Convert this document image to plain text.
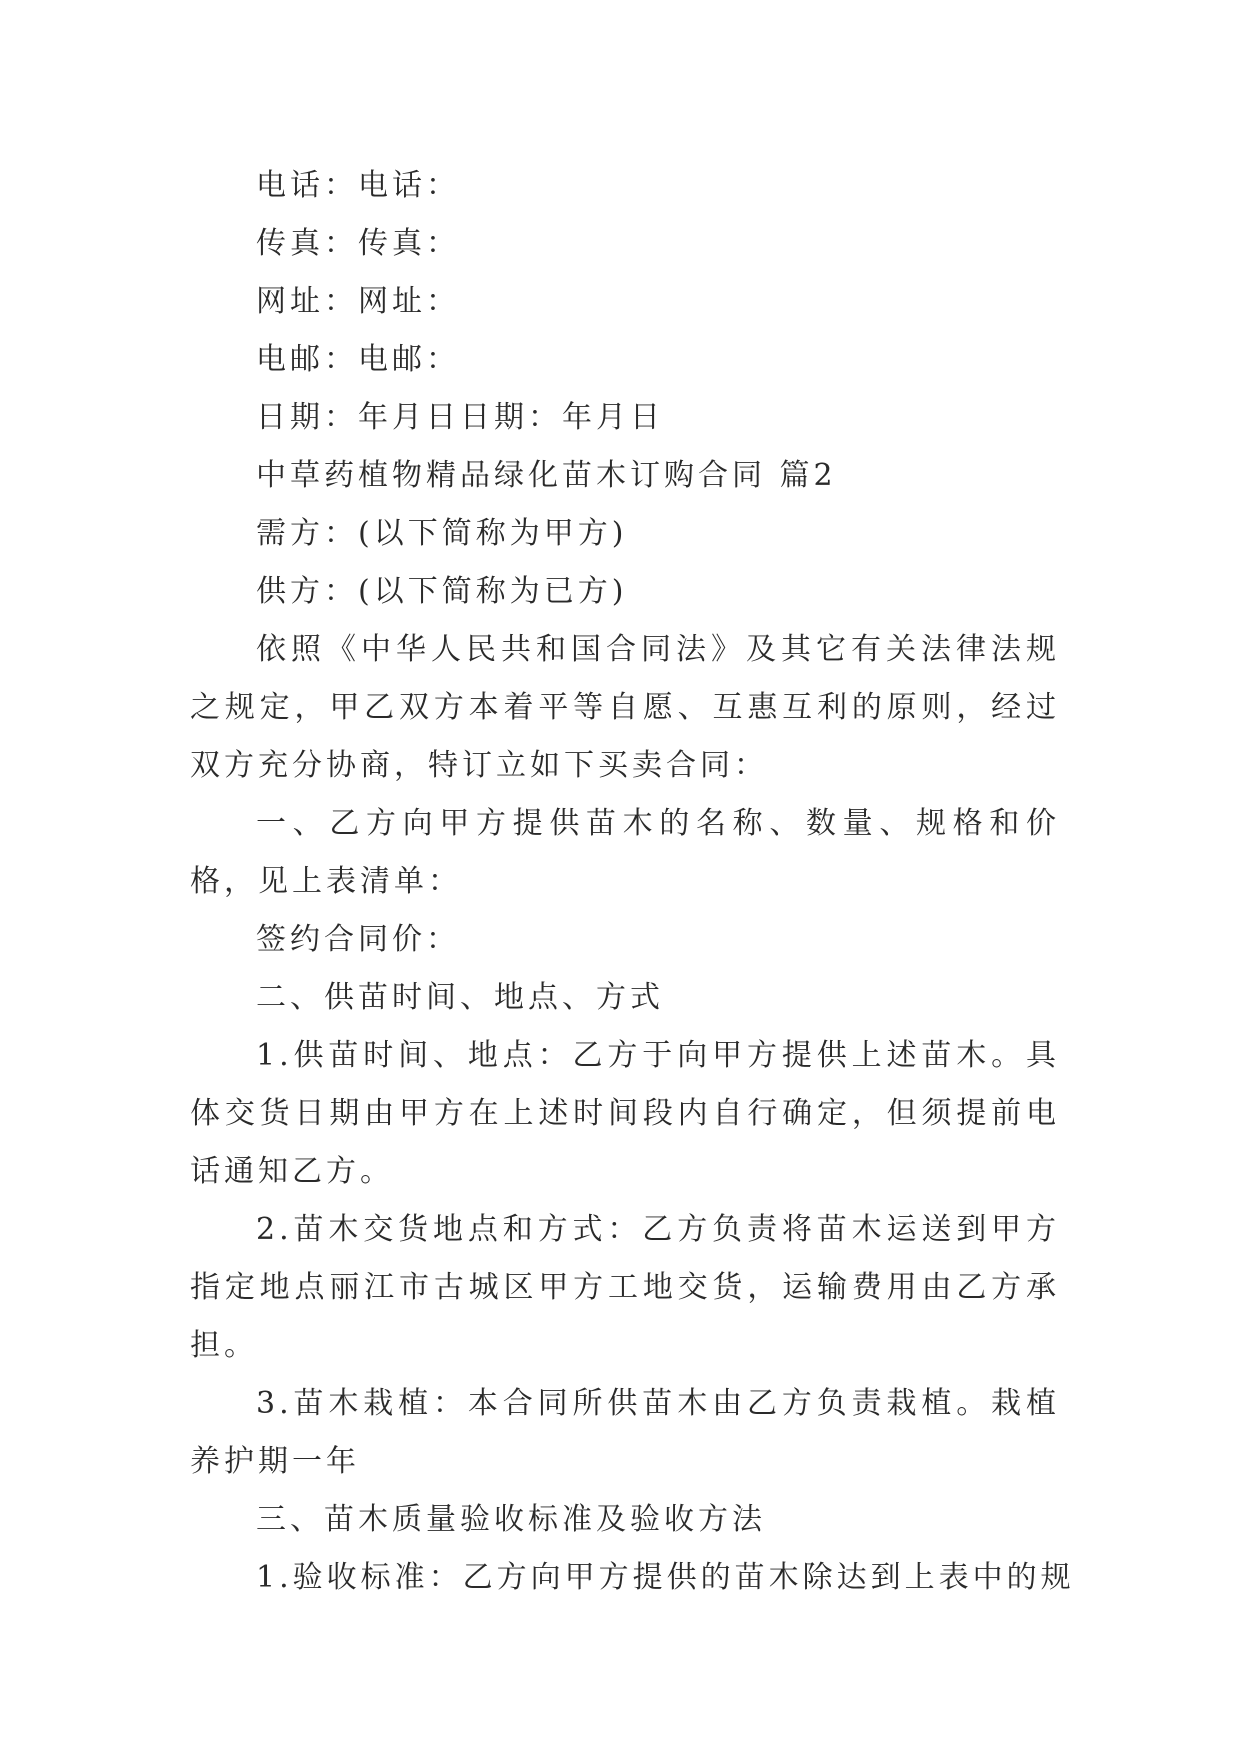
电话：电话：

传真：传真：

网址：网址：

电邮：电邮：

日期：年月日日期：年月日

中草药植物精品绿化苗木订购合同 篇2

需方：(以下简称为甲方)

供方：(以下简称为已方)

依照《中华人民共和国合同法》及其它有关法律法规之规定，甲乙双方本着平等自愿、互惠互利的原则，经过双方充分协商，特订立如下买卖合同：

一、乙方向甲方提供苗木的名称、数量、规格和价格，见上表清单：

签约合同价：

二、供苗时间、地点、方式

1.供苗时间、地点：乙方于向甲方提供上述苗木。具体交货日期由甲方在上述时间段内自行确定，但须提前电话通知乙方。

2.苗木交货地点和方式：乙方负责将苗木运送到甲方指定地点丽江市古城区甲方工地交货，运输费用由乙方承担。

3.苗木栽植：本合同所供苗木由乙方负责栽植。栽植养护期一年

三、苗木质量验收标准及验收方法

1.验收标准：乙方向甲方提供的苗木除达到上表中的规
